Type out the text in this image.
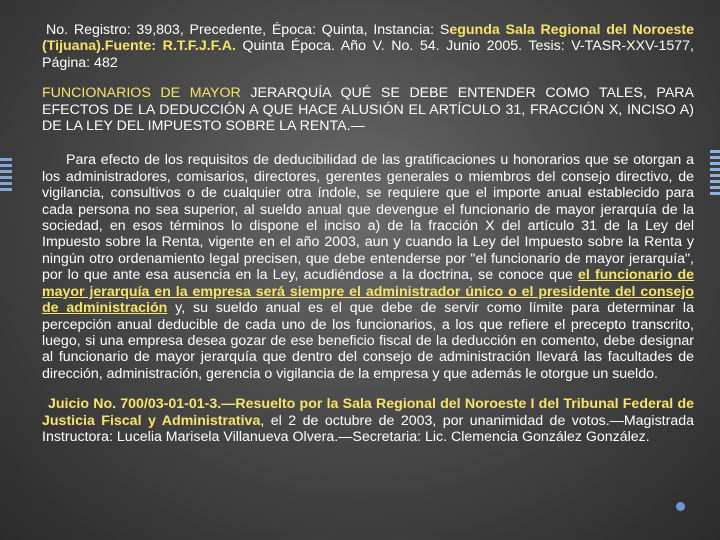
No. Registro: 39,803, Precedente, Época: Quinta, Instancia: Segunda Sala Regional del Noroeste (Tijuana).Fuente: R.T.F.J.F.A. Quinta Época. Año V. No. 54. Junio 2005. Tesis: V-TASR-XXV-1577, Página: 482

FUNCIONARIOS DE MAYOR JERARQUÍA QUÉ SE DEBE ENTENDER COMO TALES, PARA EFECTOS DE LA DEDUCCIÓN A QUE HACE ALUSIÓN EL ARTÍCULO 31, FRACCIÓN X, INCISO A) DE LA LEY DEL IMPUESTO SOBRE LA RENTA.—

Para efecto de los requisitos de deducibilidad de las gratificaciones u honorarios que se otorgan a los administradores, comisarios, directores, gerentes generales o miembros del consejo directivo, de vigilancia, consultivos o de cualquier otra índole, se requiere que el importe anual establecido para cada persona no sea superior, al sueldo anual que devengue el funcionario de mayor jerarquía de la sociedad, en esos términos lo dispone el inciso a) de la fracción X del artículo 31 de la Ley del Impuesto sobre la Renta, vigente en el año 2003, aun y cuando la Ley del Impuesto sobre la Renta y ningún otro ordenamiento legal precisen, que debe entenderse por "el funcionario de mayor jerarquía", por lo que ante esa ausencia en la Ley, acudiéndose a la doctrina, se conoce que el funcionario de mayor jerarquía en la empresa será siempre el administrador único o el presidente del consejo de administración y, su sueldo anual es el que debe de servir como límite para determinar la percepción anual deducible de cada uno de los funcionarios, a los que refiere el precepto transcrito, luego, si una empresa desea gozar de ese beneficio fiscal de la deducción en comento, debe designar al funcionario de mayor jerarquía que dentro del consejo de administración llevará las facultades de dirección, administración, gerencia o vigilancia de la empresa y que además le otorgue un sueldo.

Juicio No. 700/03-01-01-3.—Resuelto por la Sala Regional del Noroeste I del Tribunal Federal de Justicia Fiscal y Administrativa, el 2 de octubre de 2003, por unanimidad de votos.—Magistrada Instructora: Lucelia Marisela Villanueva Olvera.—Secretaria: Lic. Clemencia González González.
